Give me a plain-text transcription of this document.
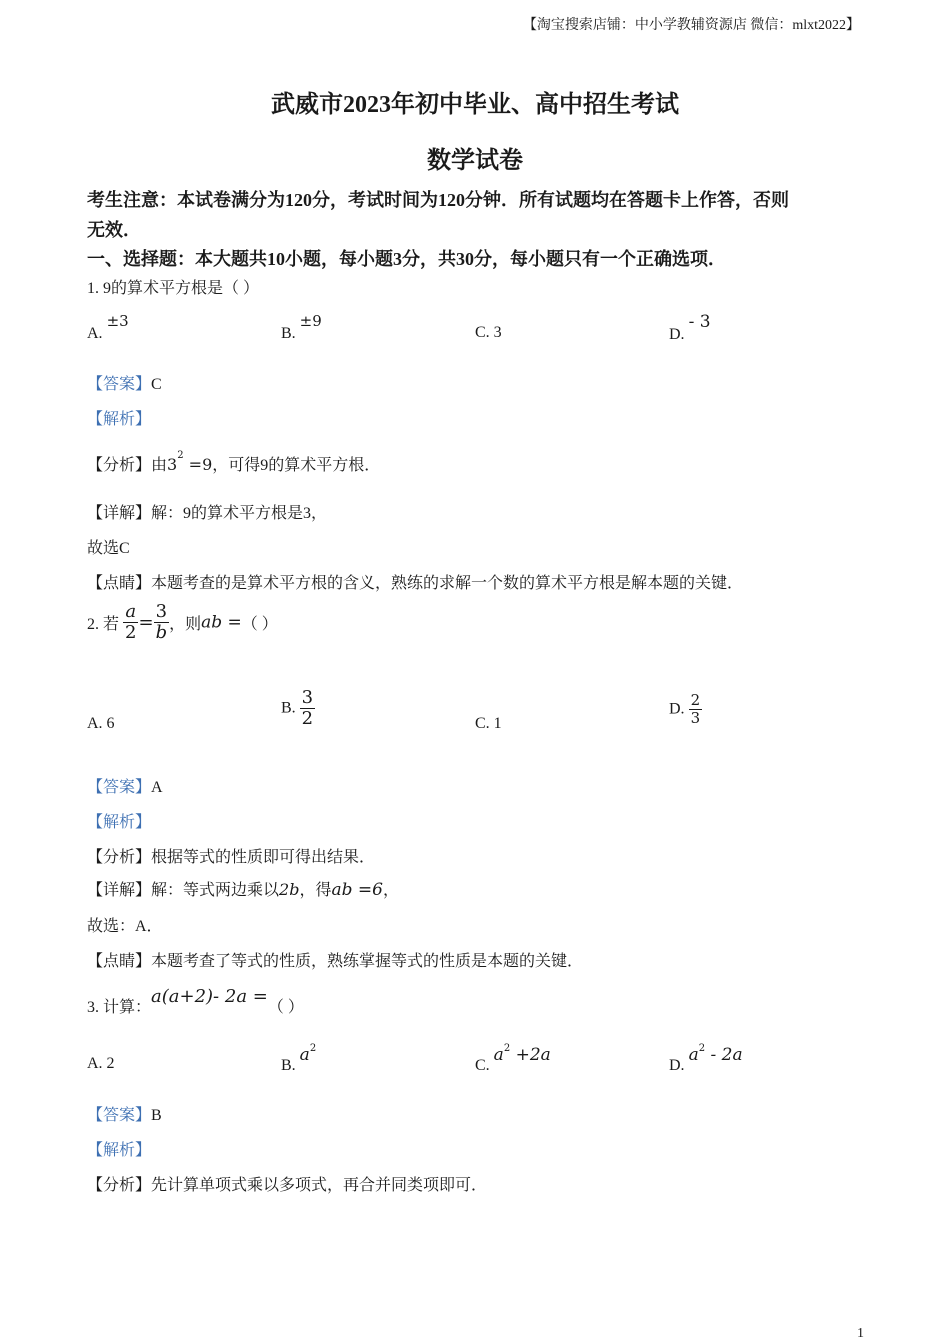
【淘宝搜索店铺：中小学教辅资源店 微信：mlxt2022】
武威市2023年初中毕业、高中招生考试
数学试卷
考生注意：本试卷满分为120分，考试时间为120分钟．所有试题均在答题卡上作答，否则
无效．
一、选择题：本大题共10小题，每小题3分，共30分，每小题只有一个正确选项．
1. 9的算术平方根是（ ）
A. ±3
B. ±9
C. 3	D. - 3
【答案】C
【解析】
【分析】由$3^2 =9$，可得9的算术平方根．
【详解】解：9的算术平方根是3，
故选C
【点睛】本题考查的是算术平方根的含义，熟练的求解一个数的算术平方根是解本题的关键．
2. 若 $\frac{a}{2} = \frac{3}{b}$ ，则ab =（ ）
A. 6
B. $\frac{3}{2}$	C. 1
D. $\frac{2}{3}$
【答案】A
【解析】
【分析】根据等式的性质即可得出结果．
【详解】解：等式两边乘以2b，得ab =6，
故选：A．
【点睛】本题考查了等式的性质，熟练掌握等式的性质是本题的关键．
3. 计算：a(a+2)- 2a =（ ）
A. 2	B. $a^2$
C. $a^2 +2a$
D. $a^2 - 2a$
【答案】B
【解析】
【分析】先计算单项式乘以多项式，再合并同类项即可．
1
